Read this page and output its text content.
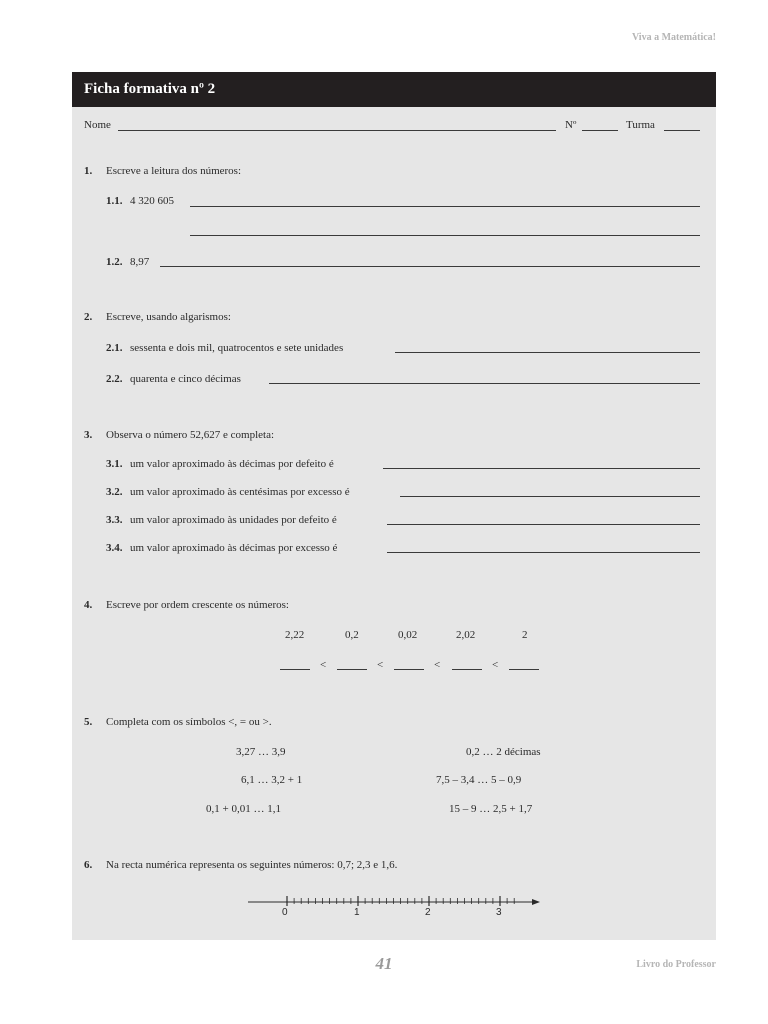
Viva a Matemática!
Ficha formativa nº 2
Nome	Nº	Turma
1. Escreve a leitura dos números:
1.1. 4 320 605
1.2. 8,97
2. Escreve, usando algarismos:
2.1. sessenta e dois mil, quatrocentos e sete unidades
2.2. quarenta e cinco décimas
3. Observa o número 52,627 e completa:
3.1. um valor aproximado às décimas por defeito é
3.2. um valor aproximado às centésimas por excesso é
3.3. um valor aproximado às unidades por defeito é
3.4. um valor aproximado às décimas por excesso é
4. Escreve por ordem crescente os números:
2,22	0,2	0,02	2,02	2
<	<	<	<
5. Completa com os símbolos <, = ou >.
3,27 … 3,9	0,2 … 2 décimas
6,1 … 3,2 + 1	7,5 – 3,4 … 5 – 0,9
0,1 + 0,01 … 1,1	15 – 9 … 2,5 + 1,7
6. Na recta numérica representa os seguintes números: 0,7; 2,3 e 1,6.
0	1	2	3
41	Livro do Professor
